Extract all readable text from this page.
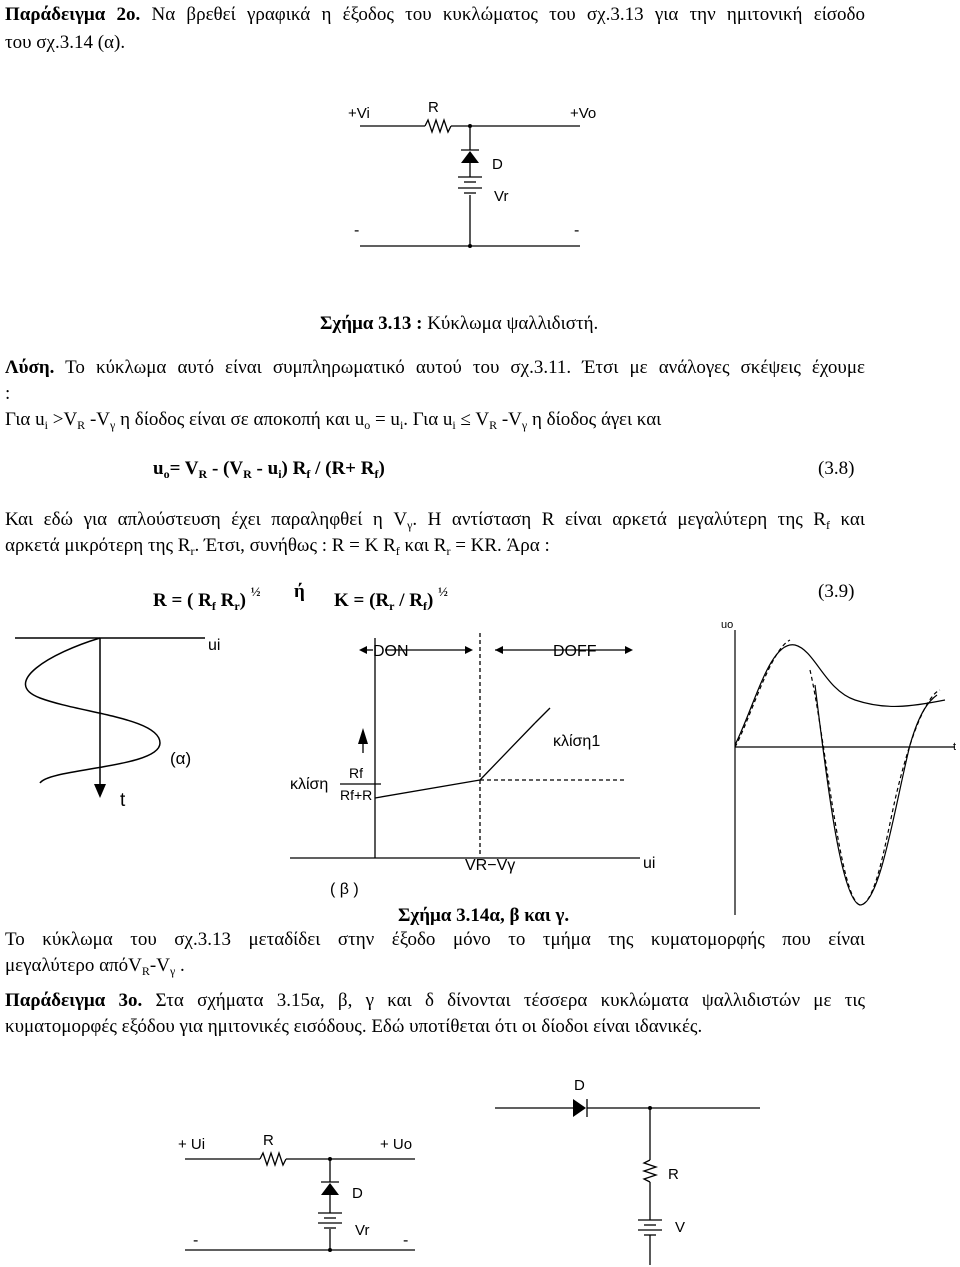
Παράδειγμα 2ο. Να βρεθεί γραφικά η έξοδος του κυκλώματος του σχ.3.13 για την ημιτονική είσοδο
του σχ.3.14 (α).
+Vi	R	+Vo
D
Vr
-	-
Σχήμα 3.13 : Κύκλωμα ψαλλιδιστή.
Λύση. Το κύκλωμα αυτό είναι συμπληρωματικό αυτού του σχ.3.11. Έτσι με ανάλογες σκέψεις έχουμε
:
Για $u_i >V_R$ $-V_\gamma$ η δίοδος είναι σε αποκοπή και $u_o = u_i$. Για $u_i \le V_R$ $-V_\gamma$ η δίοδος άγει και
$u_o= V_R - (V_R - u_i)$ $R_f / (R+ R_f)$	(3.8)
Και εδώ για απλούστευση έχει παραληφθεί η $V_\gamma$. Η αντίσταση R είναι αρκετά μεγαλύτερη της $R_f$ και
αρκετά μικρότερη της $R_r$. Έτσι, συνήθως : R = K $R_f$ και $R_r$ = KR. Άρα :
R = ( $R_f$ $R_r$) $^{\frac{1}{2}}$ ή $K = (R_r / R_f)$ $^{\frac{1}{2}}$	(3.9)
ui
t
(α)
DON	DOFF
κλίση1
κλίση
Rf
Rf+R
VR−Vγ	ui
( β )
uo
t
Σχήμα 3.14α, β και γ.
Το κύκλωμα του σχ.3.13 μεταδίδει στην έξοδο μόνο το τμήμα της κυματομορφής που είναι
μεγαλύτερο $\alpha\pi όV_R-V_\gamma$ .
Παράδειγμα 3ο. Στα σχήματα 3.15α, β, γ και δ δίνονται τέσσερα κυκλώματα ψαλλιδιστών με τις
κυματομορφές εξόδου για ημιτονικές εισόδους. Εδώ υποτίθεται ότι οι δίοδοι είναι ιδανικές.
+ Ui	R	+ Uo
D
Vr
-	-
D
R
V
